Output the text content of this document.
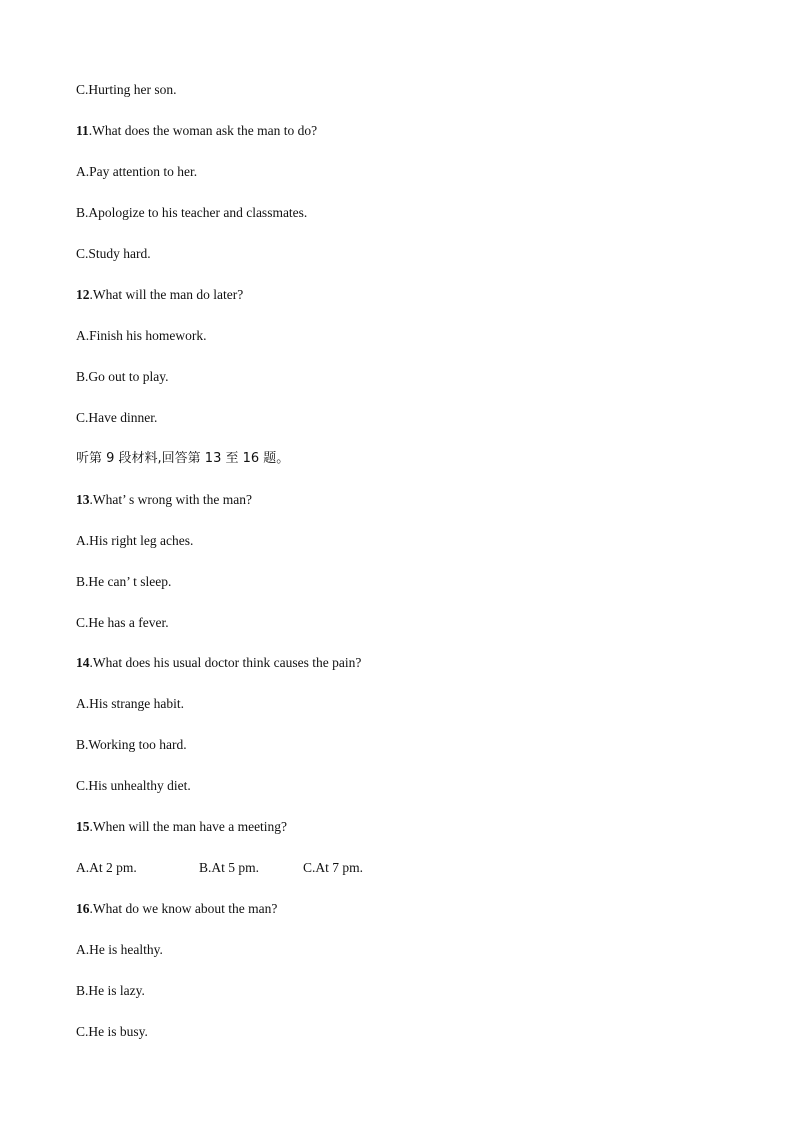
C.Hurting her son.
11.What does the woman ask the man to do?
A.Pay attention to her.
B.Apologize to his teacher and classmates.
C.Study hard.
12.What will the man do later?
A.Finish his homework.
B.Go out to play.
C.Have dinner.
听第 9 段材料,回答第 13 至 16 题。
13.What’ s wrong with the man?
A.His right leg aches.
B.He can’ t sleep.
C.He has a fever.
14.What does his usual doctor think causes the pain?
A.His strange habit.
B.Working too hard.
C.His unhealthy diet.
15.When will the man have a meeting?
A.At 2 pm.	B.At 5 pm.	C.At 7 pm.
16.What do we know about the man?
A.He is healthy.
B.He is lazy.
C.He is busy.
